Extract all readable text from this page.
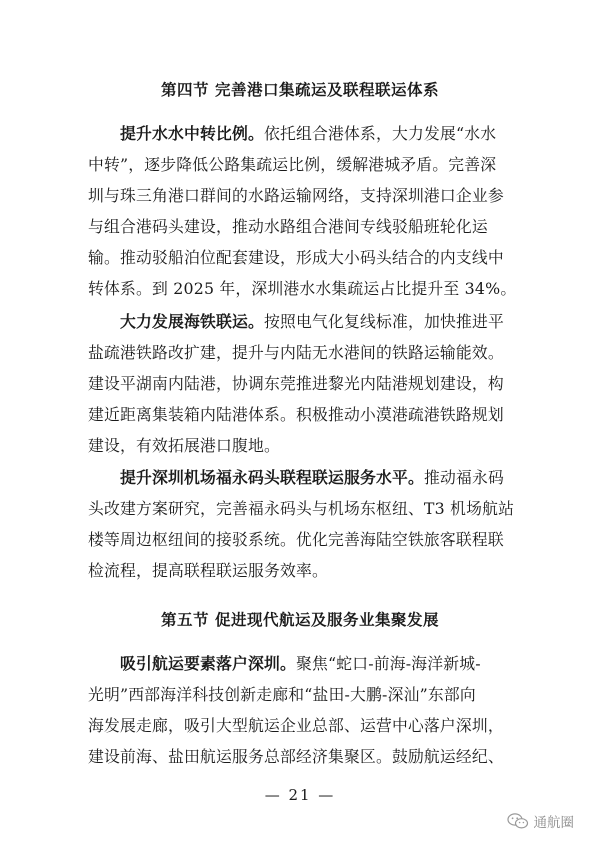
第四节 完善港口集疏运及联程联运体系
提升水水中转比例。依托组合港体系，大力发展“水水
中转”，逐步降低公路集疏运比例，缓解港城矛盾。完善深
圳与珠三角港口群间的水路运输网络，支持深圳港口企业参
与组合港码头建设，推动水路组合港间专线驳船班轮化运
输。推动驳船泊位配套建设，形成大小码头结合的内支线中
转体系。到 2025 年，深圳港水水集疏运占比提升至 34%。
大力发展海铁联运。按照电气化复线标准，加快推进平
盐疏港铁路改扩建，提升与内陆无水港间的铁路运输能效。
建设平湖南内陆港，协调东莞推进黎光内陆港规划建设，构
建近距离集装箱内陆港体系。积极推动小漠港疏港铁路规划
建设，有效拓展港口腹地。
提升深圳机场福永码头联程联运服务水平。推动福永码
头改建方案研究，完善福永码头与机场东枢纽、T3 机场航站
楼等周边枢纽间的接驳系统。优化完善海陆空铁旅客联程联
检流程，提高联程联运服务效率。
第五节 促进现代航运及服务业集聚发展
吸引航运要素落户深圳。聚焦“蛇口-前海-海洋新城-
光明”西部海洋科技创新走廊和“盐田-大鹏-深汕”东部向
海发展走廊，吸引大型航运企业总部、运营中心落户深圳，
建设前海、盐田航运服务总部经济集聚区。鼓励航运经纪、
— 21 —
通航圈
